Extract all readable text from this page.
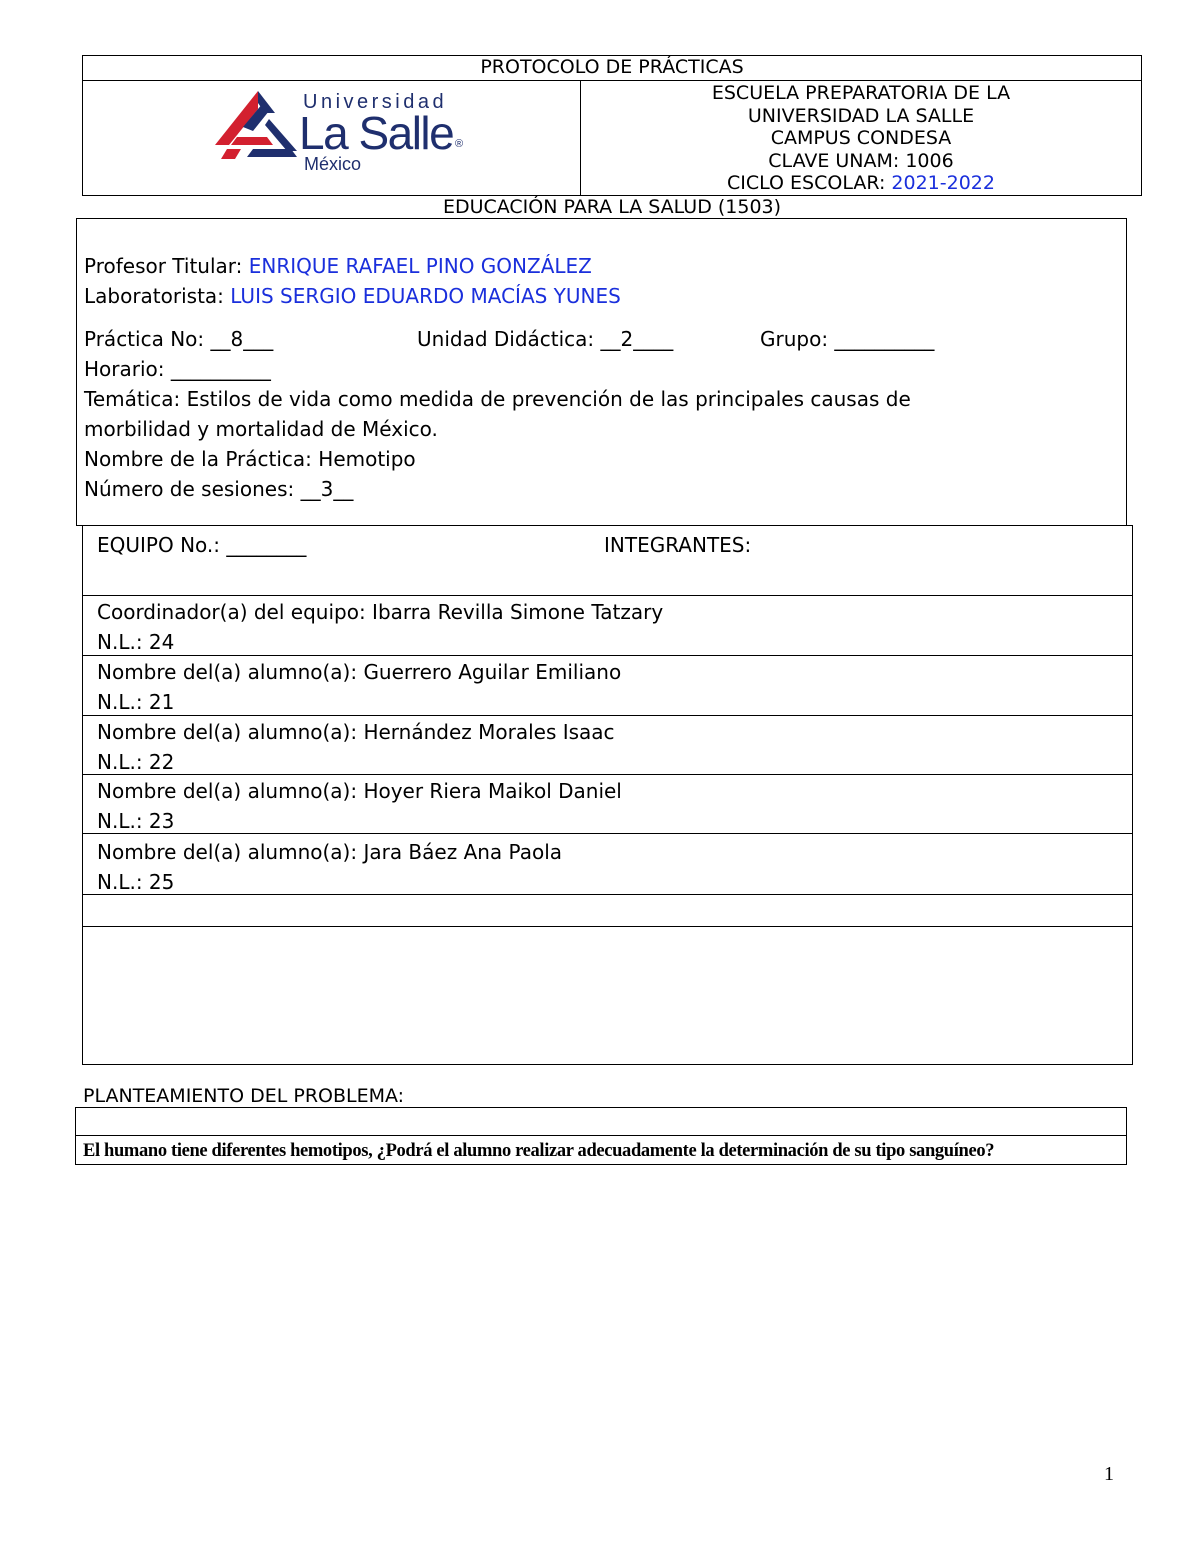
PROTOCOLO DE PRÁCTICAS
Universidad
La Salle ®
México
ESCUELA PREPARATORIA DE LA
UNIVERSIDAD LA SALLE
CAMPUS CONDESA
CLAVE UNAM: 1006
CICLO ESCOLAR: 2021-2022
EDUCACIÓN PARA LA SALUD (1503)
Profesor Titular: ENRIQUE RAFAEL PINO GONZÁLEZ
Laboratorista: LUIS SERGIO EDUARDO MACÍAS YUNES
Práctica No: __8___	Unidad Didáctica: __2____	Grupo: __________
Horario: __________
Temática: Estilos de vida como medida de prevención de las principales causas de
morbilidad y mortalidad de México.
Nombre de la Práctica: Hemotipo
Número de sesiones: __3__
EQUIPO No.: ________	INTEGRANTES:
Coordinador(a) del equipo: Ibarra Revilla Simone Tatzary
N.L.: 24
Nombre del(a) alumno(a): Guerrero Aguilar Emiliano
N.L.: 21
Nombre del(a) alumno(a): Hernández Morales Isaac
N.L.: 22
Nombre del(a) alumno(a): Hoyer Riera Maikol Daniel
N.L.: 23
Nombre del(a) alumno(a): Jara Báez Ana Paola
N.L.: 25
PLANTEAMIENTO DEL PROBLEMA:
El humano tiene diferentes hemotipos, ¿Podrá el alumno realizar adecuadamente la determinación de su tipo sanguíneo?
1
